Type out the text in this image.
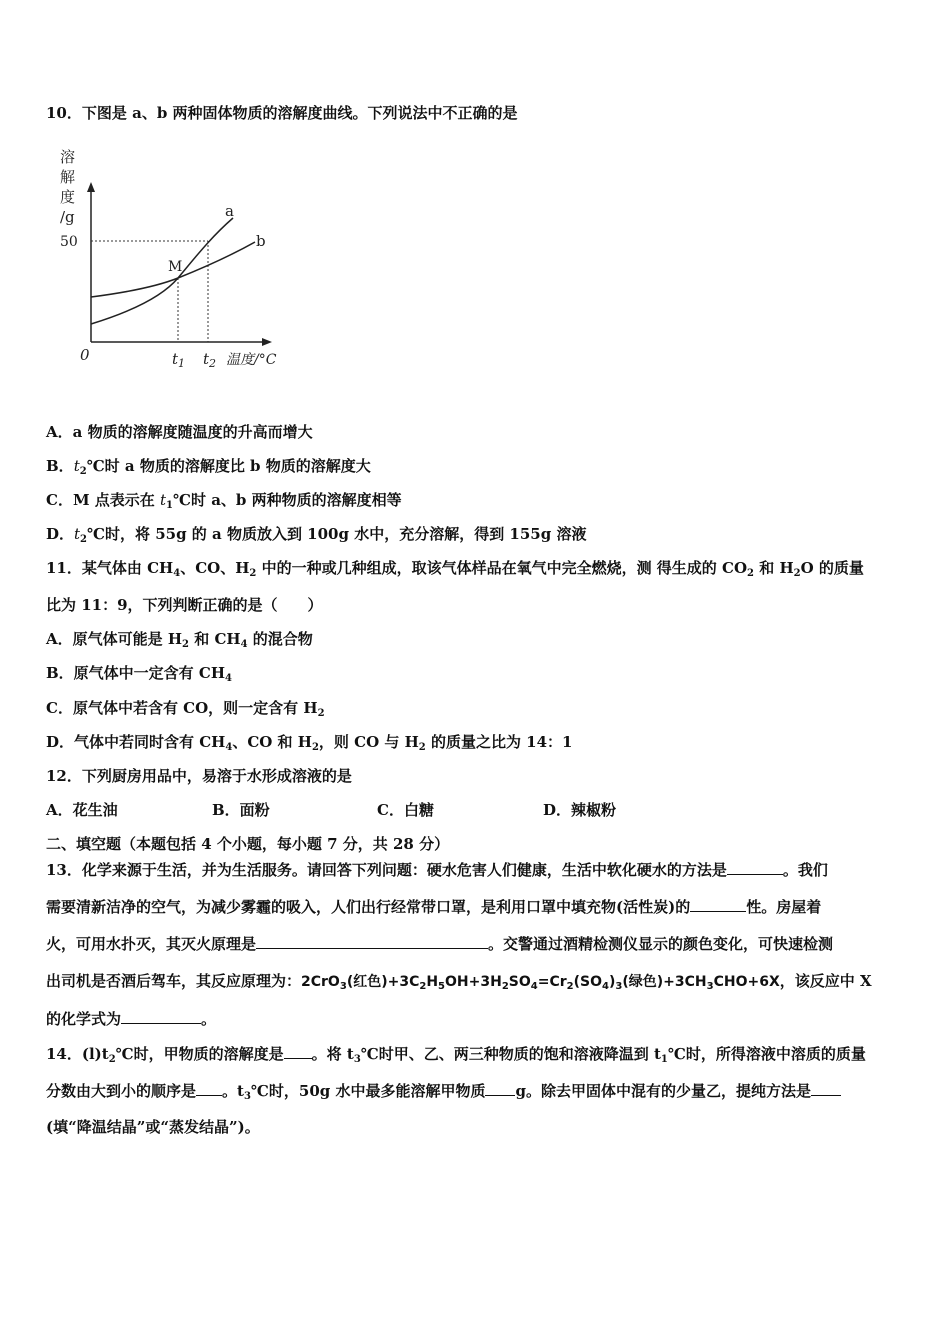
10．下图是 a、b 两种固体物质的溶解度曲线。下列说法中不正确的是
溶
解
度
/g
50
M
a
b
0	$t_1$ $t_2$ 温度/°C
A．a 物质的溶解度随温度的升高而增大
B．$t_2℃$时 a 物质的溶解度比 b 物质的溶解度大
C．M 点表示在 $t_1℃$时 a、b 两种物质的溶解度相等
D．$t_2℃$时，将 55g 的 a 物质放入到 100g 水中，充分溶解，得到 155g 溶液
11．某气体由 $CH_4$、CO、$H_2$ 中的一种或几种组成，取该气体样品在氧气中完全燃烧，测 得生成的 $CO_2$ 和 $H_2O$ 的质量
比为 11：9，下列判断正确的是（　　）
A．原气体可能是 $H_2$ 和 $CH_4$ 的混合物
B．原气体中一定含有 $CH_4$
C．原气体中若含有 CO，则一定含有 $H_2$
D．气体中若同时含有 $CH_4$、CO 和 $H_2$，则 CO 与 $H_2$ 的质量之比为 14：1
12．下列厨房用品中，易溶于水形成溶液的是
A．花生油	B．面粉	C．白糖	D．辣椒粉
二、填空题（本题包括 4 个小题，每小题 7 分，共 28 分）
13．化学来源于生活，并为生活服务。请回答下列问题：硬水危害人们健康，生活中软化硬水的方法是	。我们
需要清新洁净的空气，为减少雾霾的吸入，人们出行经常带口罩，是利用口罩中填充物(活性炭)的	性。房屋着
火，可用水扑灭，其灭火原理是	。交警通过酒精检测仪显示的颜色变化，可快速检测
出司机是否酒后驾车，其反应原理为：2CrO$_3$(红色)$+3C_2H_5OH+3H_2SO_4=Cr_2(SO_4)_3$(绿色)$+3CH_3CHO+6X$，该反应中 X
的化学式为	。
14．$(l)t_2℃$时，甲物质的溶解度是 。将 $t_3℃$时甲、乙、两三种物质的饱和溶液降温到 $t_1℃$时，所得溶液中溶质的质量
分数由大到小的顺序是 。$t_3℃$时，50g 水中最多能溶解甲物质 g。除去甲固体中混有的少量乙，提纯方法是
(填“降温结晶”或“蒸发结晶”)。
